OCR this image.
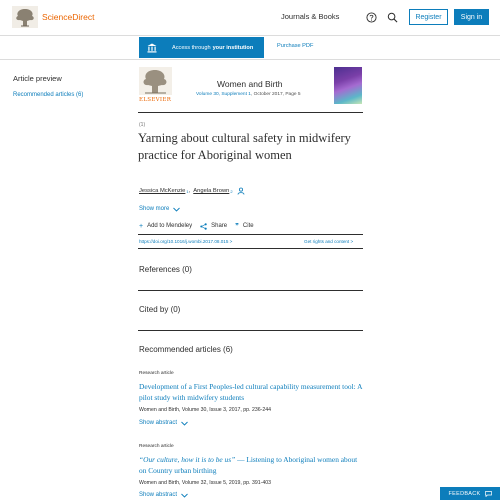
ScienceDirect	Journals & Books	Register	Sign in
Access through your institution	Purchase PDF
Article preview
Recommended articles (6)
ELSEVIER
Women and Birth
Volume 30, Supplement 1, October 2017, Page 5
(1)
Yarning about cultural safety in midwifery practice for Aboriginal women
Jessica McKenzie 1 , Angela Brown 2
Show more
+ Add to Mendeley	Share ❞ Cite
https://doi.org/10.1016/j.wombi.2017.08.015 >	Get rights and content >
References (0)
Cited by (0)
Recommended articles (6)
Research article
Development of a First Peoples-led cultural capability measurement tool: A pilot study with midwifery students
Women and Birth, Volume 30, Issue 3, 2017, pp. 236-244
Show abstract
Research article
“Our culture, how it is to be us” — Listening to Aboriginal women about on Country urban birthing
Women and Birth, Volume 32, Issue 5, 2019, pp. 391-403
Show abstract	FEEDBACK
